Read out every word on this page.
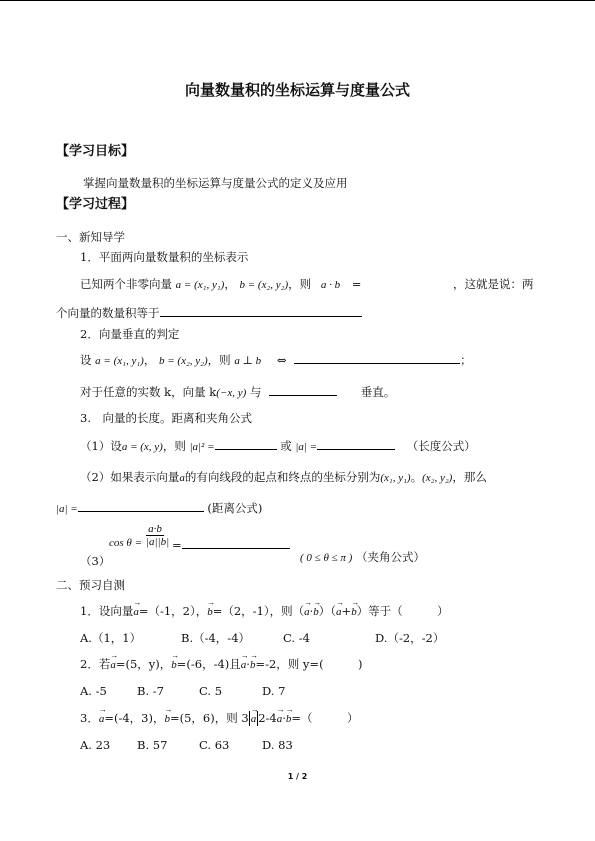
向量数量积的坐标运算与度量公式
【学习目标】
掌握向量数量积的坐标运算与度量公式的定义及应用
【学习过程】
一、新知导学
1．平面两向量数量积的坐标表示
已知两个非零向量 a = (x₁, y₁)， b = (x₂, y₂)，则 a · b =	，这就是说：两
个向量的数量积等于
2．向量垂直的判定
设 a = (x₁, y₁)， b = (x₂, y₂)，则 a ⊥ b ⇔	；
对于任意的实数 k，向量 k(−x, y) 与	垂直。
3.　向量的长度。距离和夹角公式
（1）设a = (x, y)，则 |a|² =	或 |a| =	（长度公式）
（2）如果表示向量a的有向线段的起点和终点的坐标分别为(x₁, y₁)。(x₂, y₂)，那么
|a| =	(距离公式)
$\cos \theta = \frac{a\cdot b}{|a||b|}$ =
（3）	( 0 ≤ θ ≤ π ) （夹角公式）
二、预习自测
1．设向量→ a=（-1，2），→ b=（2，-1），则（→ a·→ b）（→ a+→ b）等于（　　　）
A.（1，1）	B.（-4，-4）	C. -4	D.（-2，-2）
2．若→ a=(5，y)，→ b=(-6，-4)且→ a·→ b=-2，则 y=(　　　)
A. -5	B. -7	C. 5	D. 7
3．→ a=(-4，3)，→ b=(5，6)，则 3→ a 2-4→ a·→ b=（　　　）
A. 23 B. 57	C. 63	D. 83
1 / 2
